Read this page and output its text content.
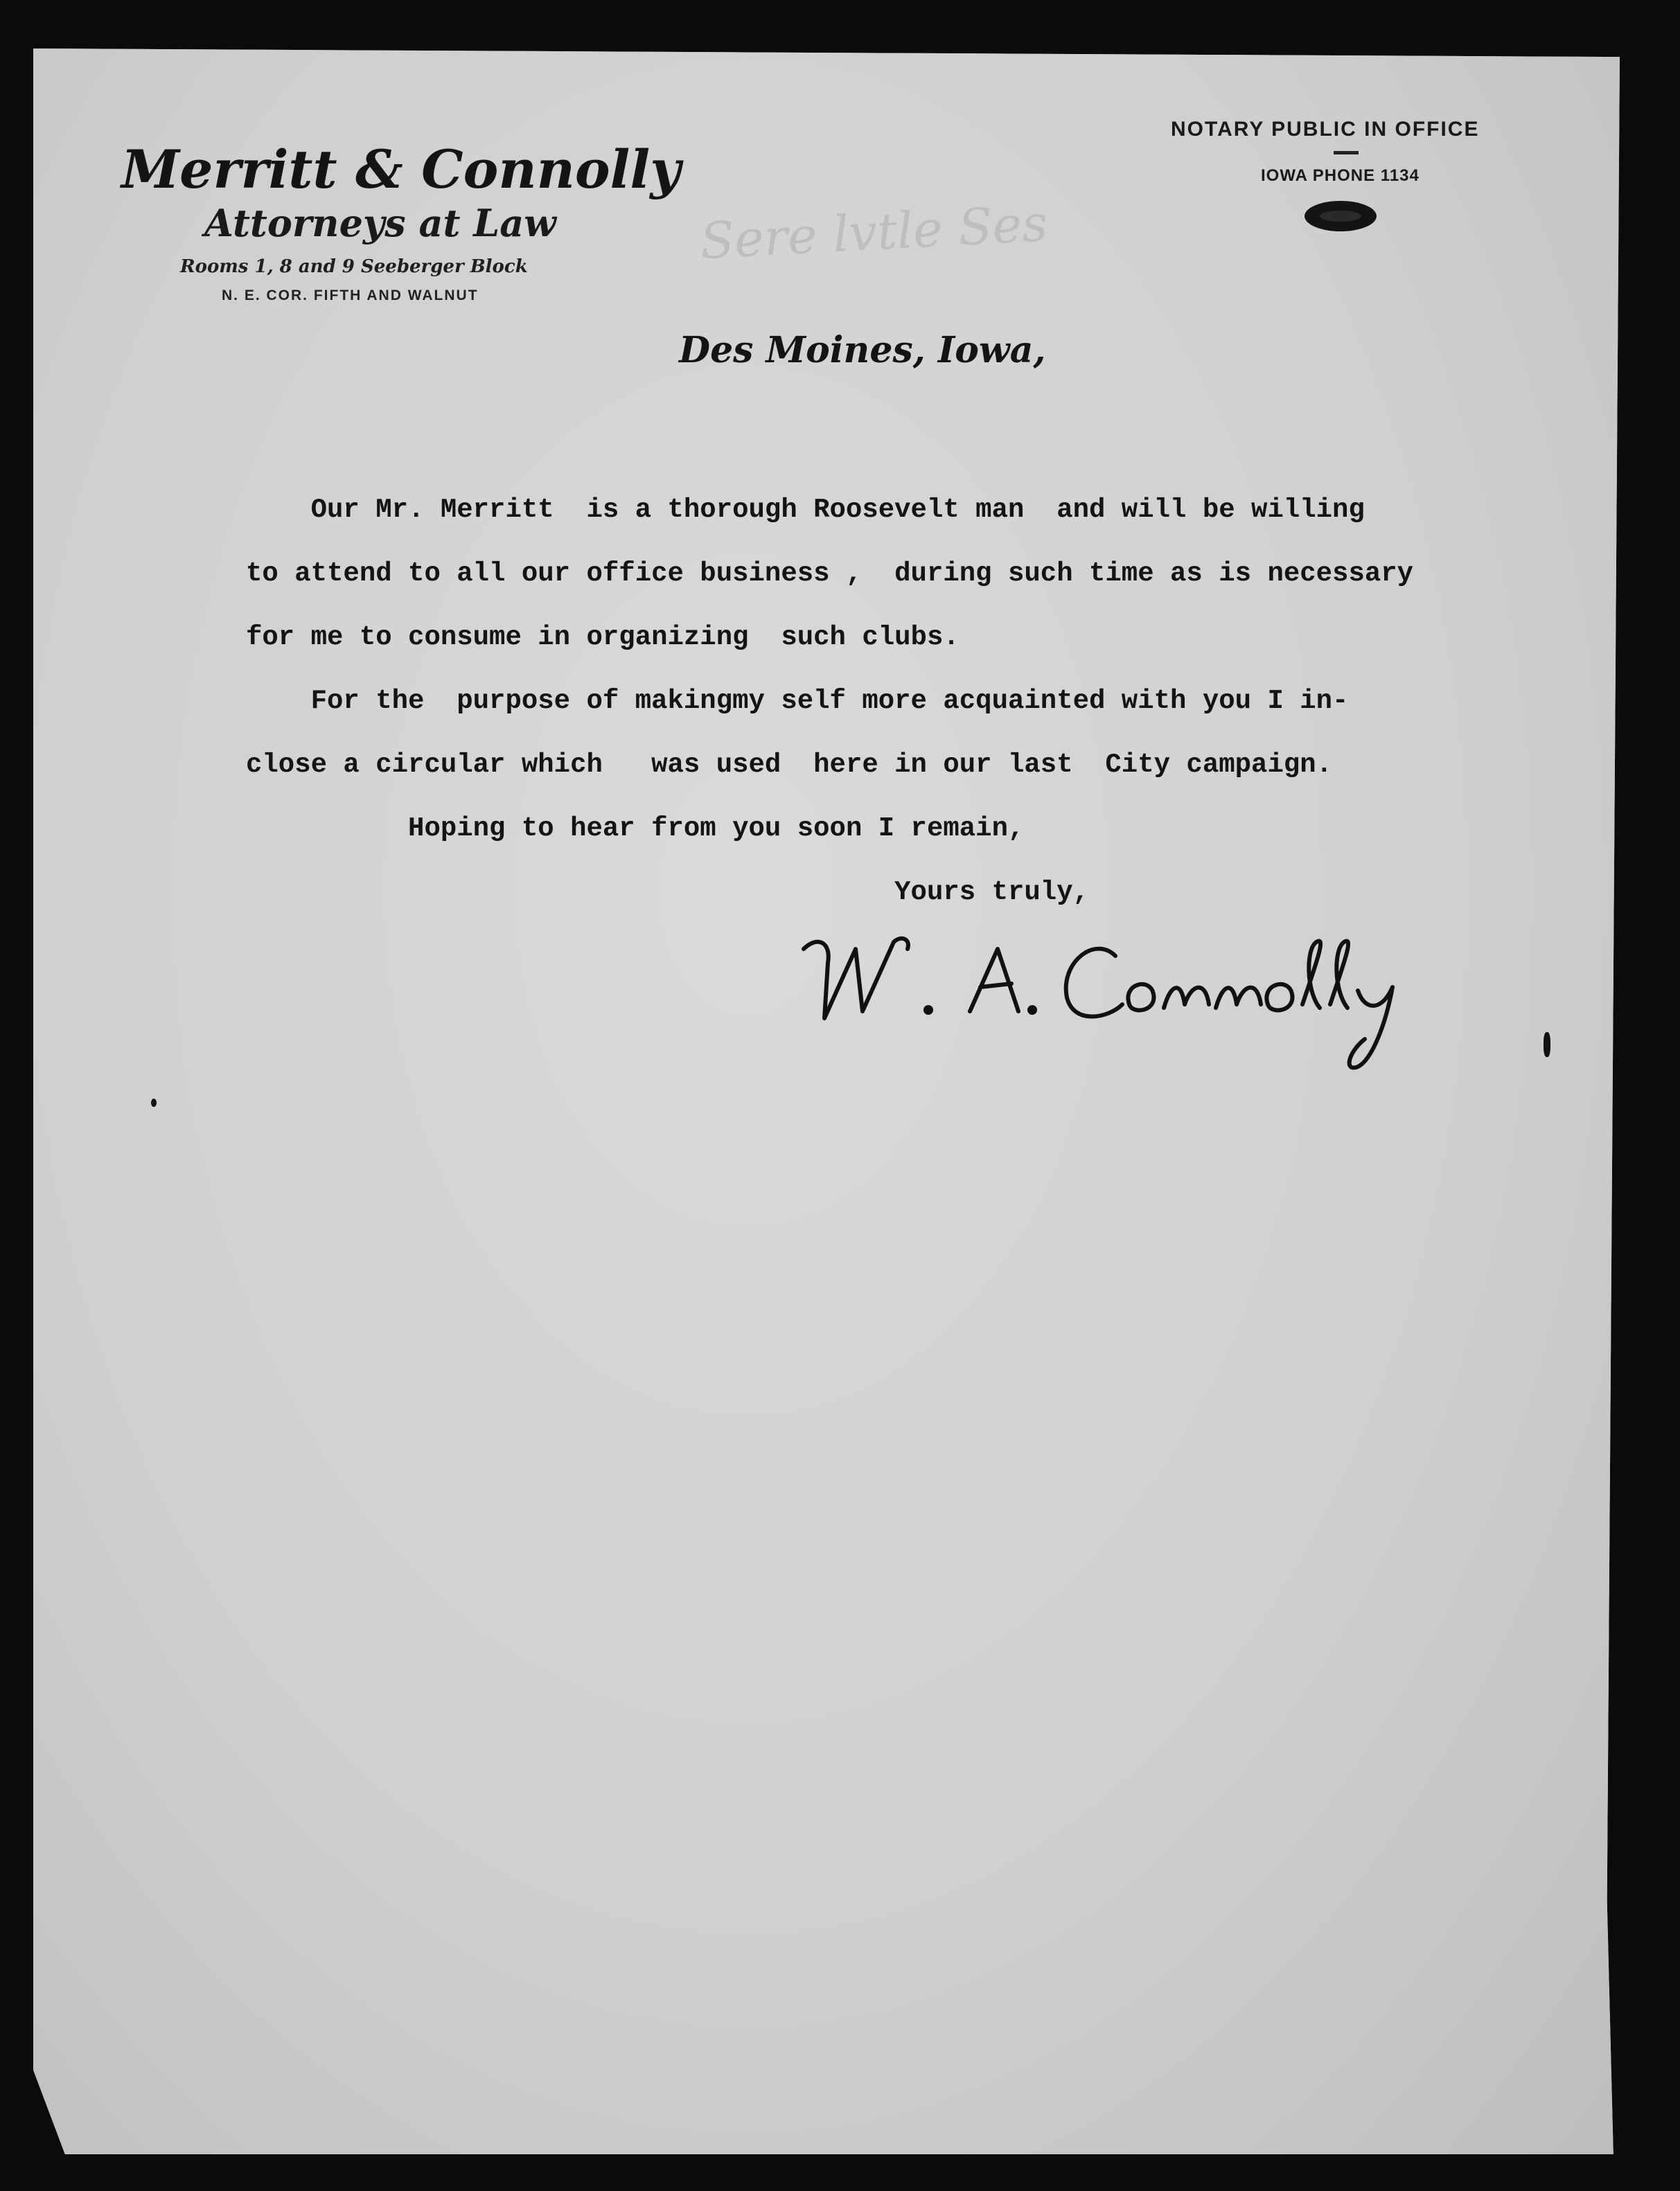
Merritt & Connolly
Attorneys at Law
Rooms 1, 8 and 9 Seeberger Block
N. E. COR. FIFTH AND WALNUT
NOTARY PUBLIC IN OFFICE
IOWA PHONE 1134
Sere lvtle Ses
Des Moines, Iowa,
Our Mr. Merritt  is a thorough Roosevelt man  and will be willing
to attend to all our office business ,  during such time as is necessary
for me to consume in organizing  such clubs.
For the  purpose of makingmy self more acquainted with you I in-
close a circular which   was used  here in our last  City campaign.
Hoping to hear from you soon I remain,
Yours truly,
